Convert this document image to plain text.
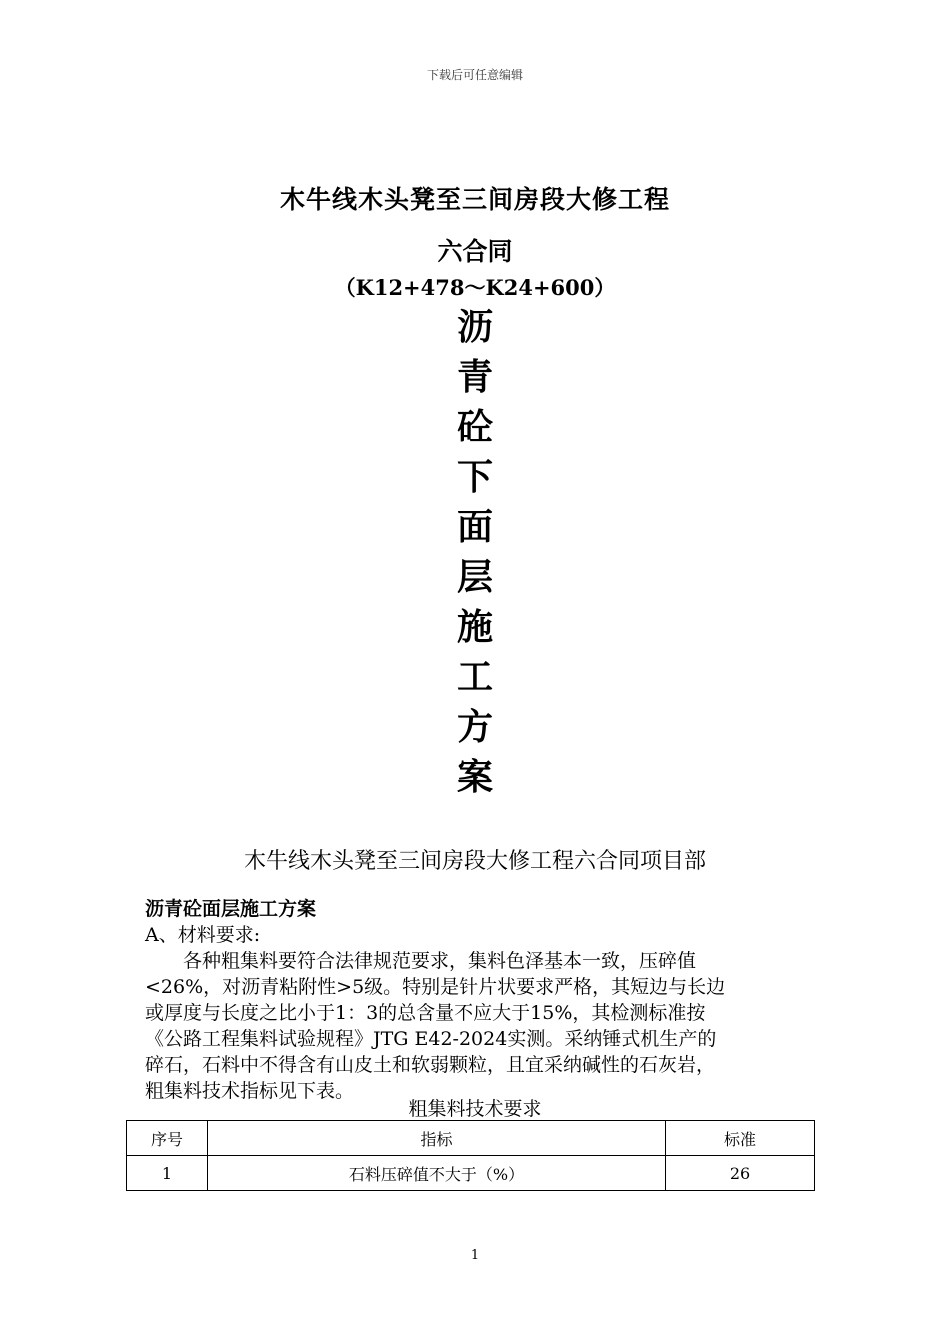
下载后可任意编辑
木牛线木头凳至三间房段大修工程
六合同
（K12+478～K24+600）
沥
青
砼
下
面
层
施
工
方
案
木牛线木头凳至三间房段大修工程六合同项目部
沥青砼面层施工方案
A、材料要求:

各种粗集料要符合法律规范要求，集料色泽基本一致，压碎值
<26%，对沥青粘附性>5级。特别是针片状要求严格，其短边与长边
或厚度与长度之比小于1：3的总含量不应大于15%，其检测标准按
《公路工程集料试验规程》JTG E42-2024实测。采纳锤式机生产的
碎石，石料中不得含有山皮土和软弱颗粒，且宜采纳碱性的石灰岩，
粗集料技术指标见下表。

粗集料技术要求
序号	指标	标准
1	石料压碎值不大于（%）	26
1
